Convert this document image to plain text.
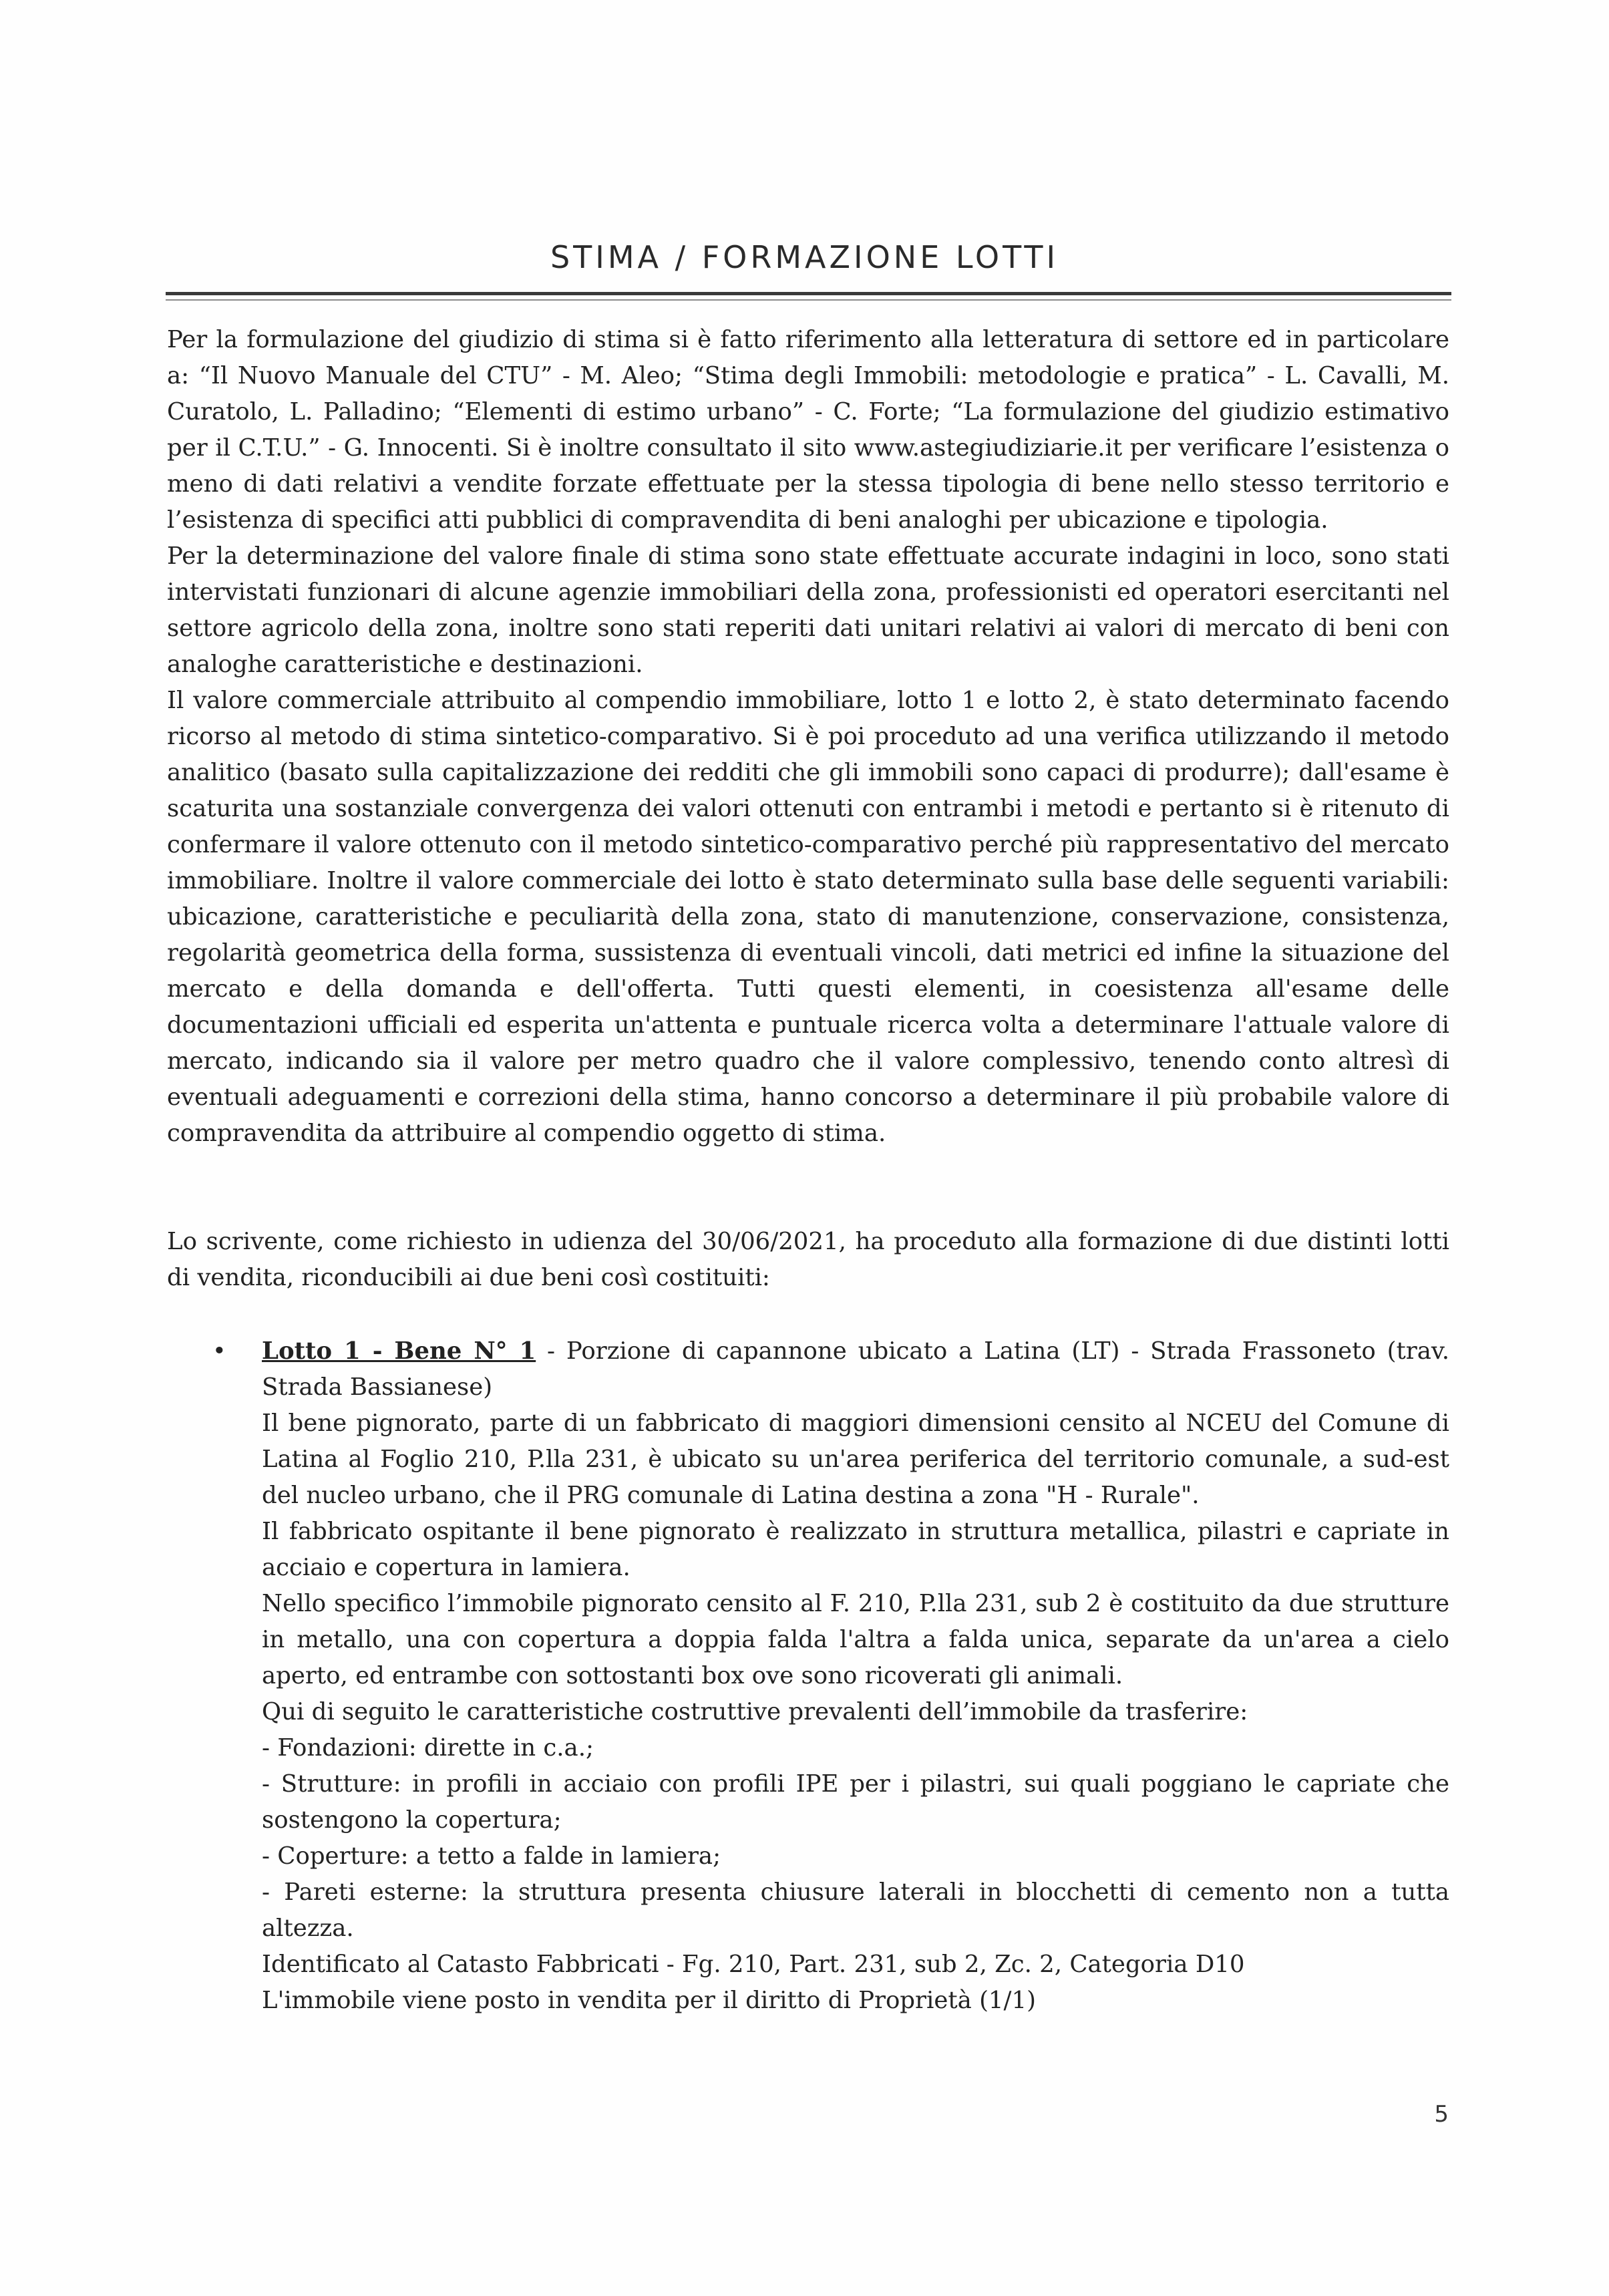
STIMA / FORMAZIONE LOTTI

Per la formulazione del giudizio di stima si è fatto riferimento alla letteratura di settore ed in particolare a: “Il Nuovo Manuale del CTU” - M. Aleo; “Stima degli Immobili: metodologie e pratica” - L. Cavalli, M. Curatolo, L. Palladino; “Elementi di estimo urbano” - C. Forte; “La formulazione del giudizio estimativo per il C.T.U.” - G. Innocenti. Si è inoltre consultato il sito www.astegiudiziarie.it per verificare l’esistenza o meno di dati relativi a vendite forzate effettuate per la stessa tipologia di bene nello stesso territorio e l’esistenza di specifici atti pubblici di compravendita di beni analoghi per ubicazione e tipologia.

Per la determinazione del valore finale di stima sono state effettuate accurate indagini in loco, sono stati intervistati funzionari di alcune agenzie immobiliari della zona, professionisti ed operatori esercitanti nel settore agricolo della zona, inoltre sono stati reperiti dati unitari relativi ai valori di mercato di beni con analoghe caratteristiche e destinazioni.

Il valore commerciale attribuito al compendio immobiliare, lotto 1 e lotto 2, è stato determinato facendo ricorso al metodo di stima sintetico-comparativo. Si è poi proceduto ad una verifica utilizzando il metodo analitico (basato sulla capitalizzazione dei redditi che gli immobili sono capaci di produrre); dall'esame è scaturita una sostanziale convergenza dei valori ottenuti con entrambi i metodi e pertanto si è ritenuto di confermare il valore ottenuto con il metodo sintetico-comparativo perché più rappresentativo del mercato immobiliare. Inoltre il valore commerciale dei lotto è stato determinato sulla base delle seguenti variabili: ubicazione, caratteristiche e peculiarità della zona, stato di manutenzione, conservazione, consistenza, regolarità geometrica della forma, sussistenza di eventuali vincoli, dati metrici ed infine la situazione del mercato e della domanda e dell'offerta. Tutti questi elementi, in coesistenza all'esame delle documentazioni ufficiali ed esperita un'attenta e puntuale ricerca volta a determinare l'attuale valore di mercato, indicando sia il valore per metro quadro che il valore complessivo, tenendo conto altresì di eventuali adeguamenti e correzioni della stima, hanno concorso a determinare il più probabile valore di compravendita da attribuire al compendio oggetto di stima.

Lo scrivente, come richiesto in udienza del 30/06/2021, ha proceduto alla formazione di due distinti lotti di vendita, riconducibili ai due beni così costituiti:

• Lotto 1 - Bene N° 1 - Porzione di capannone ubicato a Latina (LT) - Strada Frassoneto (trav. Strada Bassianese)

Il bene pignorato, parte di un fabbricato di maggiori dimensioni censito al NCEU del Comune di Latina al Foglio 210, P.lla 231, è ubicato su un'area periferica del territorio comunale, a sud-est del nucleo urbano, che il PRG comunale di Latina destina a zona "H - Rurale".

Il fabbricato ospitante il bene pignorato è realizzato in struttura metallica, pilastri e capriate in acciaio e copertura in lamiera.

Nello specifico l’immobile pignorato censito al F. 210, P.lla 231, sub 2 è costituito da due strutture in metallo, una con copertura a doppia falda l'altra a falda unica, separate da un'area a cielo aperto, ed entrambe con sottostanti box ove sono ricoverati gli animali.

Qui di seguito le caratteristiche costruttive prevalenti dell’immobile da trasferire:

- Fondazioni: dirette in c.a.;

- Strutture: in profili in acciaio con profili IPE per i pilastri, sui quali poggiano le capriate che sostengono la copertura;

- Coperture: a tetto a falde in lamiera;

- Pareti esterne: la struttura presenta chiusure laterali in blocchetti di cemento non a tutta altezza.

Identificato al Catasto Fabbricati - Fg. 210, Part. 231, sub 2, Zc. 2, Categoria D10

L'immobile viene posto in vendita per il diritto di Proprietà (1/1)

5
